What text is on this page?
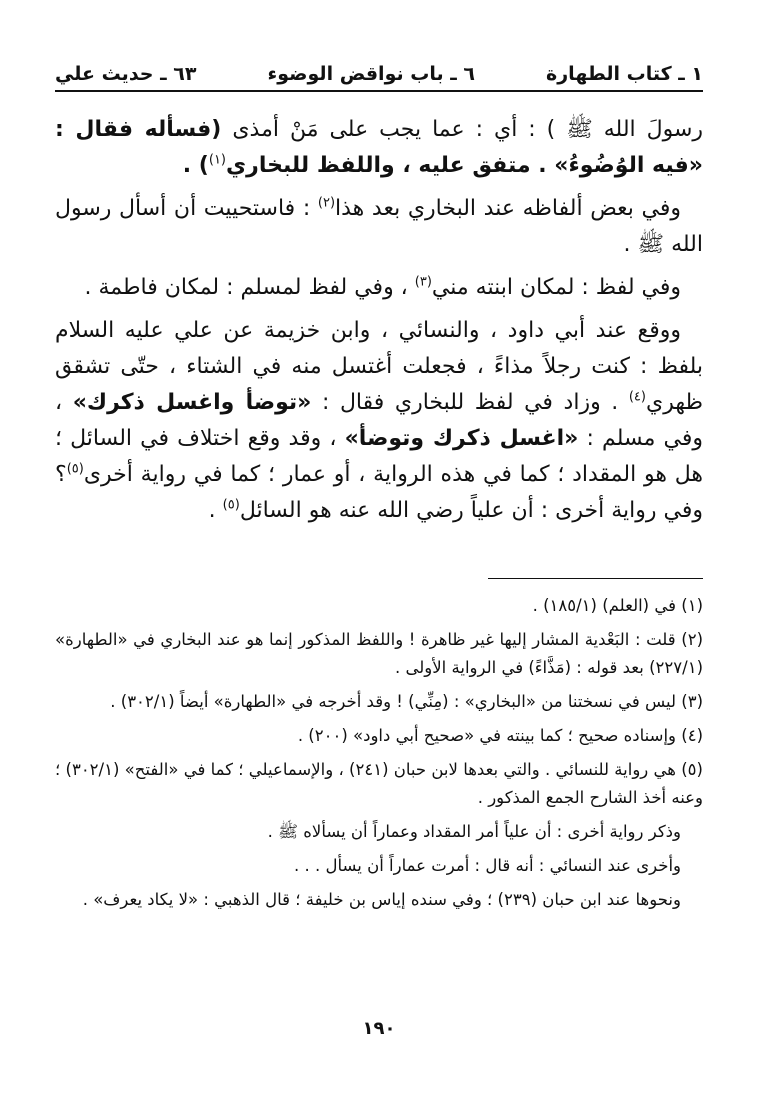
١ ـ كتاب الطهارة
٦ ـ باب نواقض الوضوء
٦٣ ـ حديث علي

رسولَ الله ﷺ ) : أي : عما يجب على مَنْ أمذى (فسأله فقال : «فيه الوُضُوءُ» . متفق عليه ، واللفظ للبخاري$^{(١)}$) .

وفي بعض ألفاظه عند البخاري بعد هذا$^{(٢)}$ : فاستحييت أن أسأل رسول الله ﷺ .

وفي لفظ : لمكان ابنته مني$^{(٣)}$ ، وفي لفظ لمسلم : لمكان فاطمة .

ووقع عند أبي داود ، والنسائي ، وابن خزيمة عن علي عليه السلام بلفظ : كنت رجلاً مذاءً ، فجعلت أغتسل منه في الشتاء ، حتّى تشقق ظهري$^{(٤)}$ . وزاد في لفظ للبخاري فقال : «توضأ واغسل ذكرك» ، وفي مسلم : «اغسل ذكرك وتوضأ» ، وقد وقع اختلاف في السائل ؛ هل هو المقداد ؛ كما في هذه الرواية ، أو عمار ؛ كما في رواية أخرى$^{(٥)}$؟ وفي رواية أخرى : أن علياً رضي الله عنه هو السائل$^{(٥)}$ .

(١) في (العلم) (١٨٥/١) .

(٢) قلت : البَعْدية المشار إليها غير ظاهرة ! واللفظ المذكور إنما هو عند البخاري في «الطهارة» (٢٢٧/١) بعد قوله : (مَذَّاءً) في الرواية الأولى .

(٣) ليس في نسختنا من «البخاري» : (مِنِّي) ! وقد أخرجه في «الطهارة» أيضاً (٣٠٢/١) .

(٤) وإسناده صحيح ؛ كما بينته في «صحيح أبي داود» (٢٠٠) .

(٥) هي رواية للنسائي . والتي بعدها لابن حبان (٢٤١) ، والإسماعيلي ؛ كما في «الفتح» (٣٠٢/١) ؛ وعنه أخذ الشارح الجمع المذكور .

وذكر رواية أخرى : أن علياً أمر المقداد وعماراً أن يسألاه ﷺ .

وأخرى عند النسائي : أنه قال : أمرت عماراً أن يسأل . . .

ونحوها عند ابن حبان (٢٣٩) ؛ وفي سنده إياس بن خليفة ؛ قال الذهبي : «لا يكاد يعرف» .

١٩٠
